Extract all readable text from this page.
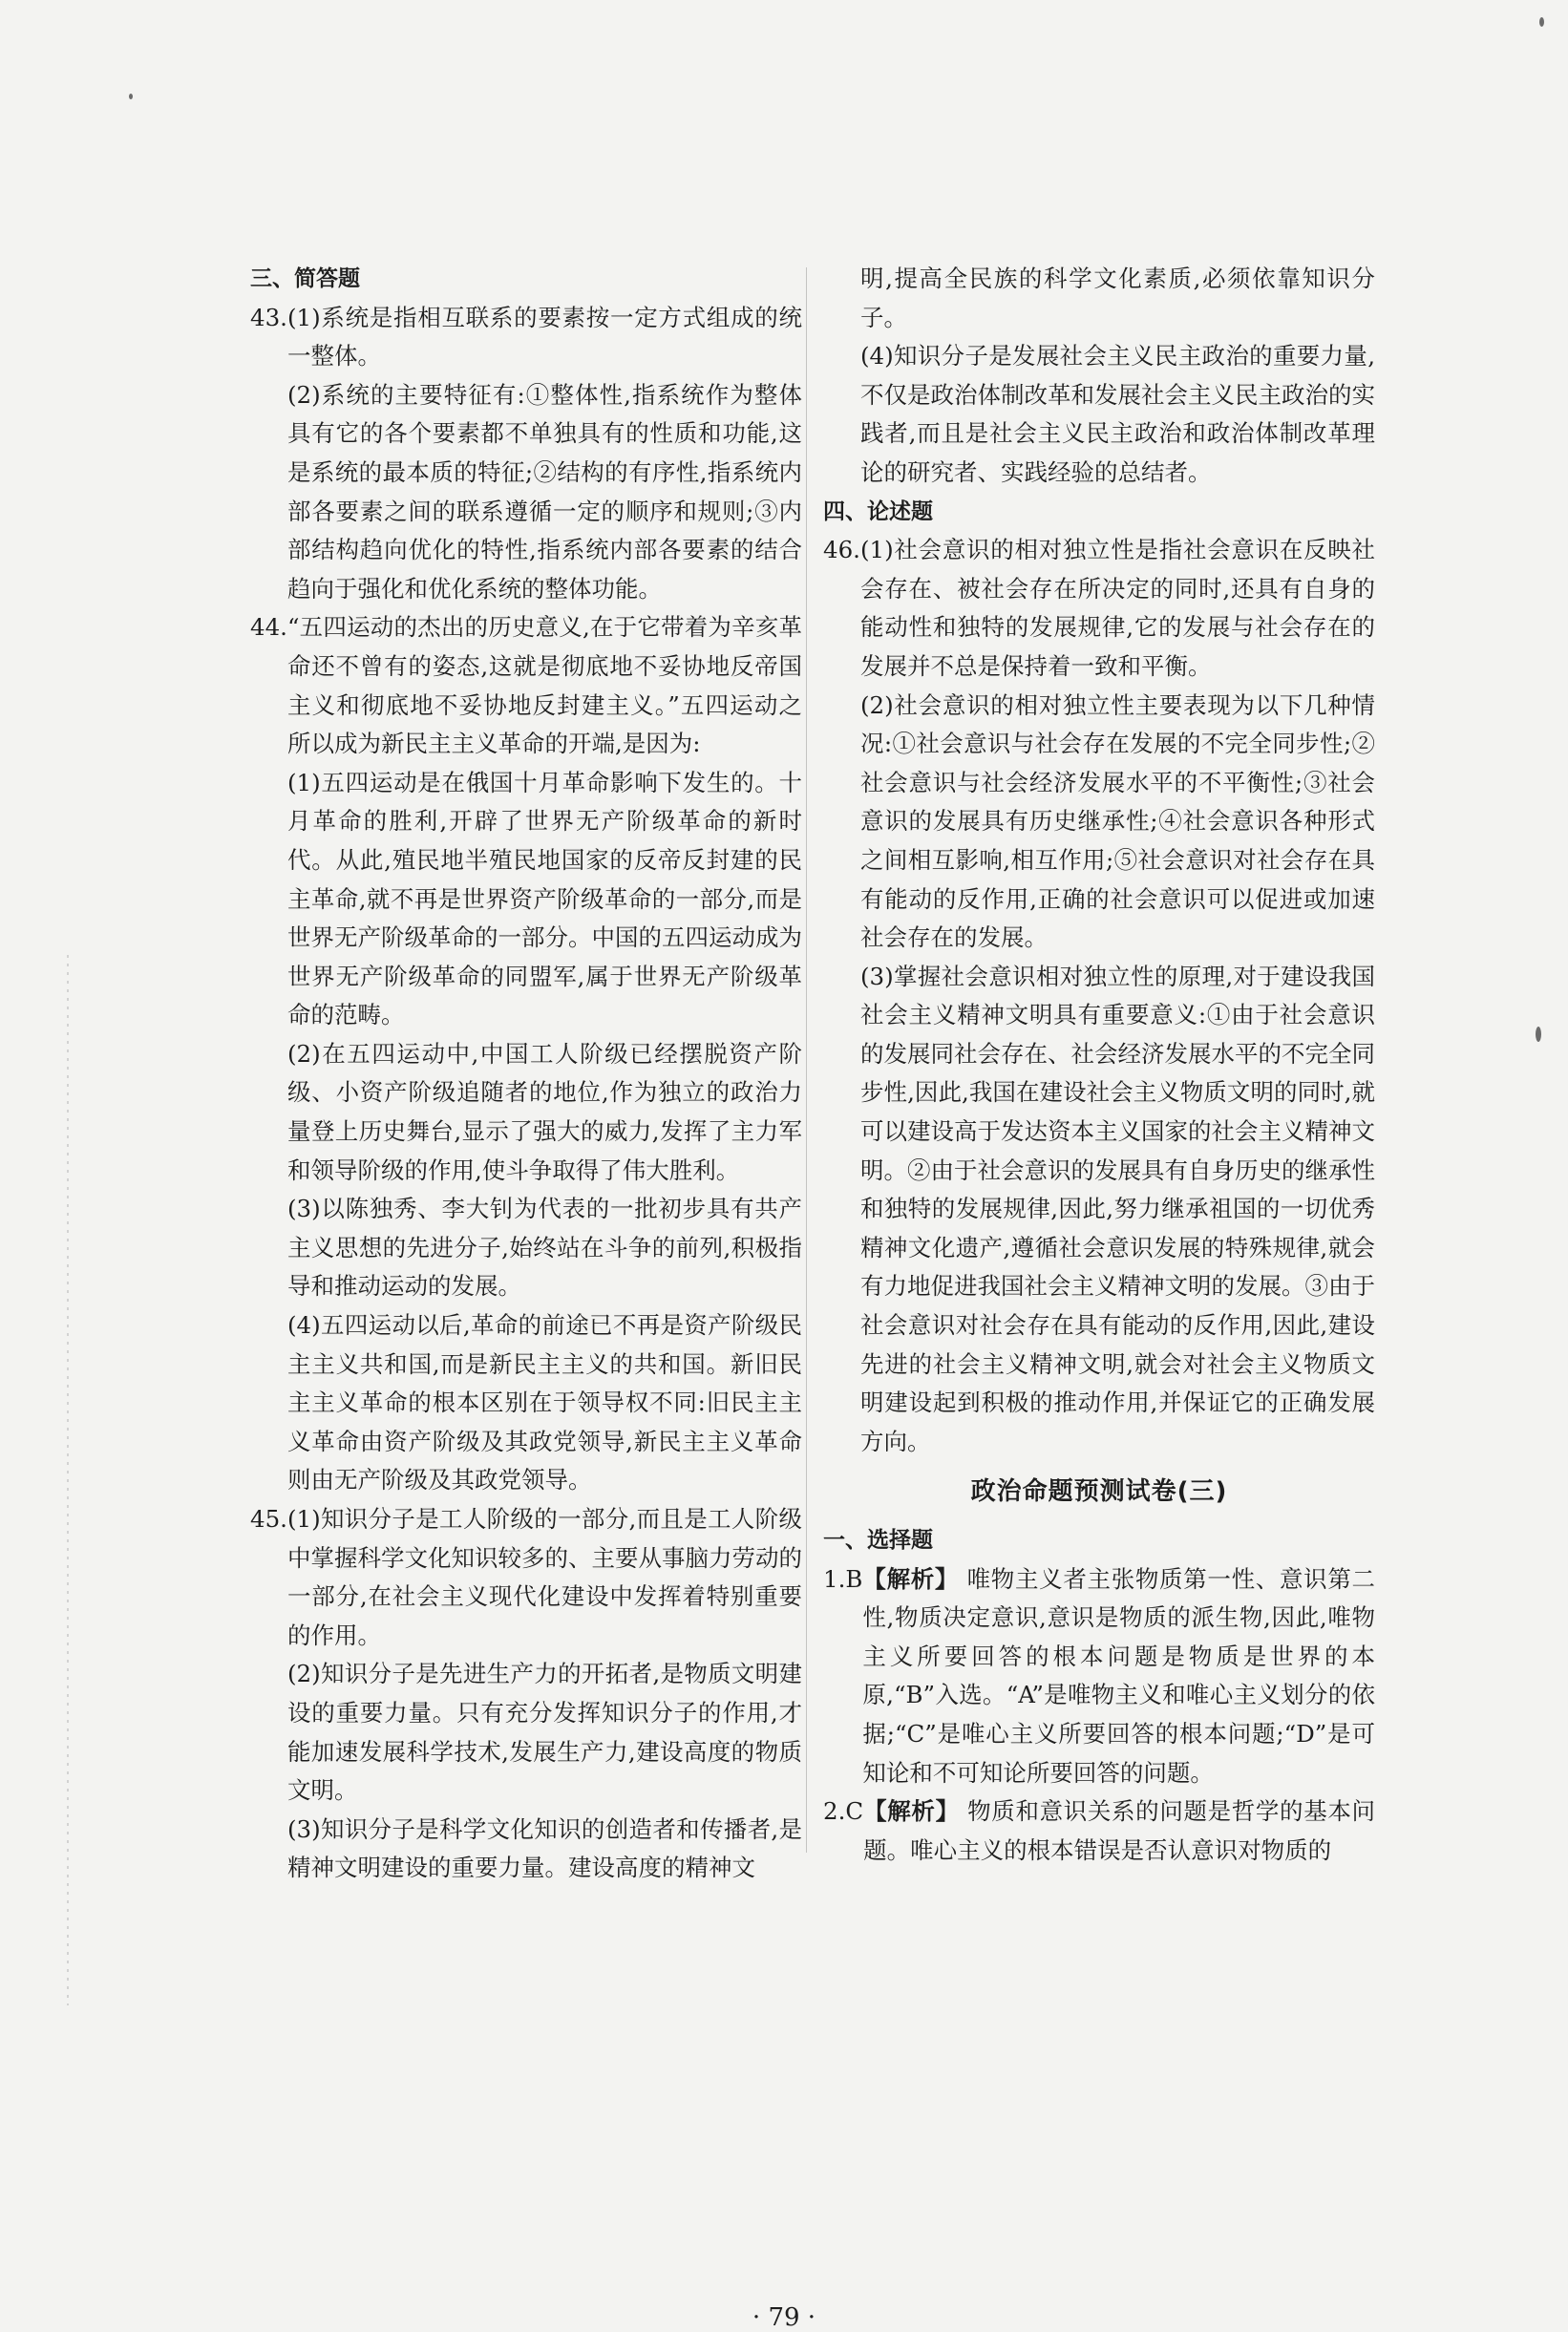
三、简答题

43. (1)系统是指相互联系的要素按一定方式组成的统一整体。

(2)系统的主要特征有:①整体性,指系统作为整体具有它的各个要素都不单独具有的性质和功能,这是系统的最本质的特征;②结构的有序性,指系统内部各要素之间的联系遵循一定的顺序和规则;③内部结构趋向优化的特性,指系统内部各要素的结合趋向于强化和优化系统的整体功能。

44. “五四运动的杰出的历史意义,在于它带着为辛亥革命还不曾有的姿态,这就是彻底地不妥协地反帝国主义和彻底地不妥协地反封建主义。”五四运动之所以成为新民主主义革命的开端,是因为:

(1)五四运动是在俄国十月革命影响下发生的。十月革命的胜利,开辟了世界无产阶级革命的新时代。从此,殖民地半殖民地国家的反帝反封建的民主革命,就不再是世界资产阶级革命的一部分,而是世界无产阶级革命的一部分。中国的五四运动成为世界无产阶级革命的同盟军,属于世界无产阶级革命的范畴。

(2)在五四运动中,中国工人阶级已经摆脱资产阶级、小资产阶级追随者的地位,作为独立的政治力量登上历史舞台,显示了强大的威力,发挥了主力军和领导阶级的作用,使斗争取得了伟大胜利。

(3)以陈独秀、李大钊为代表的一批初步具有共产主义思想的先进分子,始终站在斗争的前列,积极指导和推动运动的发展。

(4)五四运动以后,革命的前途已不再是资产阶级民主主义共和国,而是新民主主义的共和国。新旧民主主义革命的根本区别在于领导权不同:旧民主主义革命由资产阶级及其政党领导,新民主主义革命则由无产阶级及其政党领导。

45. (1)知识分子是工人阶级的一部分,而且是工人阶级中掌握科学文化知识较多的、主要从事脑力劳动的一部分,在社会主义现代化建设中发挥着特别重要的作用。

(2)知识分子是先进生产力的开拓者,是物质文明建设的重要力量。只有充分发挥知识分子的作用,才能加速发展科学技术,发展生产力,建设高度的物质文明。

(3)知识分子是科学文化知识的创造者和传播者,是精神文明建设的重要力量。建设高度的精神文

明,提高全民族的科学文化素质,必须依靠知识分子。

(4)知识分子是发展社会主义民主政治的重要力量,不仅是政治体制改革和发展社会主义民主政治的实践者,而且是社会主义民主政治和政治体制改革理论的研究者、实践经验的总结者。

四、论述题

46. (1)社会意识的相对独立性是指社会意识在反映社会存在、被社会存在所决定的同时,还具有自身的能动性和独特的发展规律,它的发展与社会存在的发展并不总是保持着一致和平衡。

(2)社会意识的相对独立性主要表现为以下几种情况:①社会意识与社会存在发展的不完全同步性;②社会意识与社会经济发展水平的不平衡性;③社会意识的发展具有历史继承性;④社会意识各种形式之间相互影响,相互作用;⑤社会意识对社会存在具有能动的反作用,正确的社会意识可以促进或加速社会存在的发展。

(3)掌握社会意识相对独立性的原理,对于建设我国社会主义精神文明具有重要意义:①由于社会意识的发展同社会存在、社会经济发展水平的不完全同步性,因此,我国在建设社会主义物质文明的同时,就可以建设高于发达资本主义国家的社会主义精神文明。②由于社会意识的发展具有自身历史的继承性和独特的发展规律,因此,努力继承祖国的一切优秀精神文化遗产,遵循社会意识发展的特殊规律,就会有力地促进我国社会主义精神文明的发展。③由于社会意识对社会存在具有能动的反作用,因此,建设先进的社会主义精神文明,就会对社会主义物质文明建设起到积极的推动作用,并保证它的正确发展方向。

政治命题预测试卷(三)

一、选择题

1.B 【解析】 唯物主义者主张物质第一性、意识第二性,物质决定意识,意识是物质的派生物,因此,唯物主义所要回答的根本问题是物质是世界的本原,“B”入选。“A”是唯物主义和唯心主义划分的依据;“C”是唯心主义所要回答的根本问题;“D”是可知论和不可知论所要回答的问题。
2.C 【解析】 物质和意识关系的问题是哲学的基本问题。唯心主义的根本错误是否认意识对物质的
· 79 ·
